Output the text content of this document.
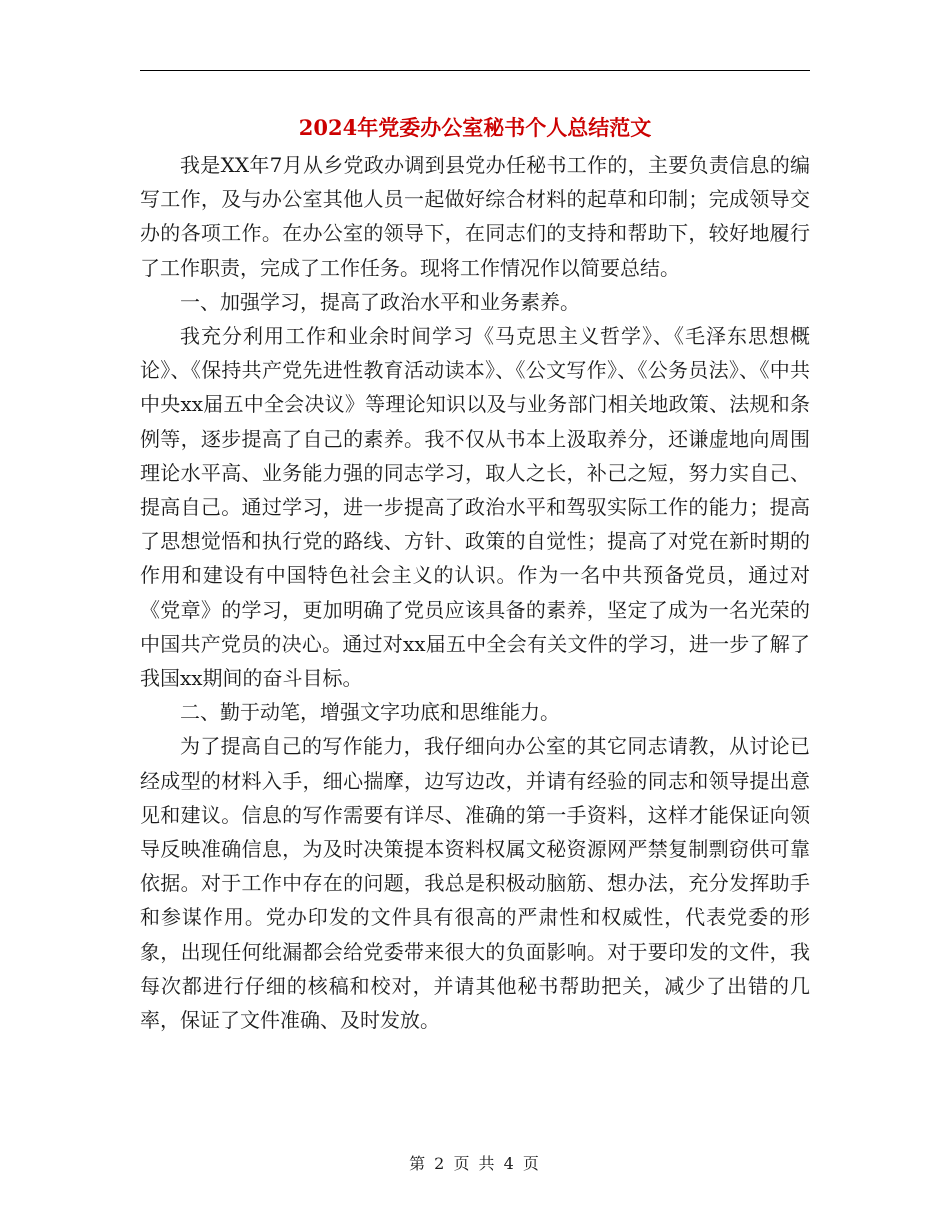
2024年党委办公室秘书个人总结范文

我是XX年7月从乡党政办调到县党办任秘书工作的，主要负责信息的编写工作，及与办公室其他人员一起做好综合材料的起草和印制；完成领导交办的各项工作。在办公室的领导下，在同志们的支持和帮助下，较好地履行了工作职责，完成了工作任务。现将工作情况作以简要总结。

一、加强学习，提高了政治水平和业务素养。

我充分利用工作和业余时间学习《马克思主义哲学》、《毛泽东思想概论》、《保持共产党先进性教育活动读本》、《公文写作》、《公务员法》、《中共中央xx届五中全会决议》等理论知识以及与业务部门相关地政策、法规和条例等，逐步提高了自己的素养。我不仅从书本上汲取养分，还谦虚地向周围理论水平高、业务能力强的同志学习，取人之长，补己之短，努力实自己、提高自己。通过学习，进一步提高了政治水平和驾驭实际工作的能力；提高了思想觉悟和执行党的路线、方针、政策的自觉性；提高了对党在新时期的作用和建设有中国特色社会主义的认识。作为一名中共预备党员，通过对《党章》的学习，更加明确了党员应该具备的素养，坚定了成为一名光荣的中国共产党员的决心。通过对xx届五中全会有关文件的学习，进一步了解了我国xx期间的奋斗目标。

二、勤于动笔，增强文字功底和思维能力。

为了提高自己的写作能力，我仔细向办公室的其它同志请教，从讨论已经成型的材料入手，细心揣摩，边写边改，并请有经验的同志和领导提出意见和建议。信息的写作需要有详尽、准确的第一手资料，这样才能保证向领导反映准确信息，为及时决策提本资料权属文秘资源网严禁复制剽窃供可靠依据。对于工作中存在的问题，我总是积极动脑筋、想办法，充分发挥助手和参谋作用。党办印发的文件具有很高的严肃性和权威性，代表党委的形象，出现任何纰漏都会给党委带来很大的负面影响。对于要印发的文件，我每次都进行仔细的核稿和校对，并请其他秘书帮助把关，减少了出错的几率，保证了文件准确、及时发放。

第 2 页 共 4 页
